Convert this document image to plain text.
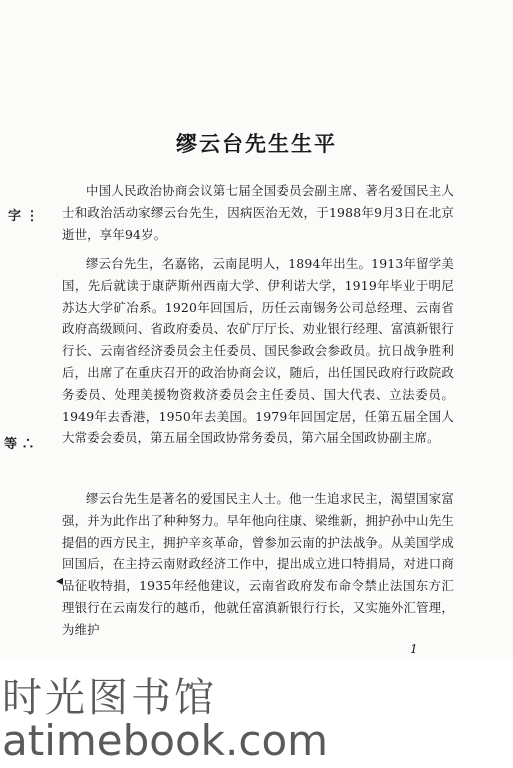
缪云台先生生平
中国人民政治协商会议第七届全国委员会副主席、著名爱国民主人士和政治活动家缪云台先生，因病医治无效，于1988年9月3日在北京逝世，享年94岁。
缪云台先生，名嘉铭，云南昆明人，1894年出生。1913年留学美国，先后就读于康萨斯州西南大学、伊利诺大学，1919年毕业于明尼苏达大学矿冶系。1920年回国后，历任云南锡务公司总经理、云南省政府高级顾问、省政府委员、农矿厅厅长、劝业银行经理、富滇新银行行长、云南省经济委员会主任委员、国民参政会参政员。抗日战争胜利后，出席了在重庆召开的政治协商会议，随后，出任国民政府行政院政务委员、处理美援物资救济委员会主任委员、国大代表、立法委员。1949年去香港，1950年去美国。1979年回国定居，任第五届全国人大常委会委员，第五届全国政协常务委员，第六届全国政协副主席。
缪云台先生是著名的爱国民主人士。他一生追求民主，渴望国家富强，并为此作出了种种努力。早年他向往康、梁维新，拥护孙中山先生提倡的西方民主，拥护辛亥革命，曾参加云南的护法战争。从美国学成回国后，在主持云南财政经济工作中，提出成立进口特捐局，对进口商品征收特捐，1935年经他建议，云南省政府发布命令禁止法国东方汇理银行在云南发行的越币，他就任富滇新银行行长，又实施外汇管理，为维护
1
字 ⋮
等 ∴
◂
时光图书馆
atimebook.com
